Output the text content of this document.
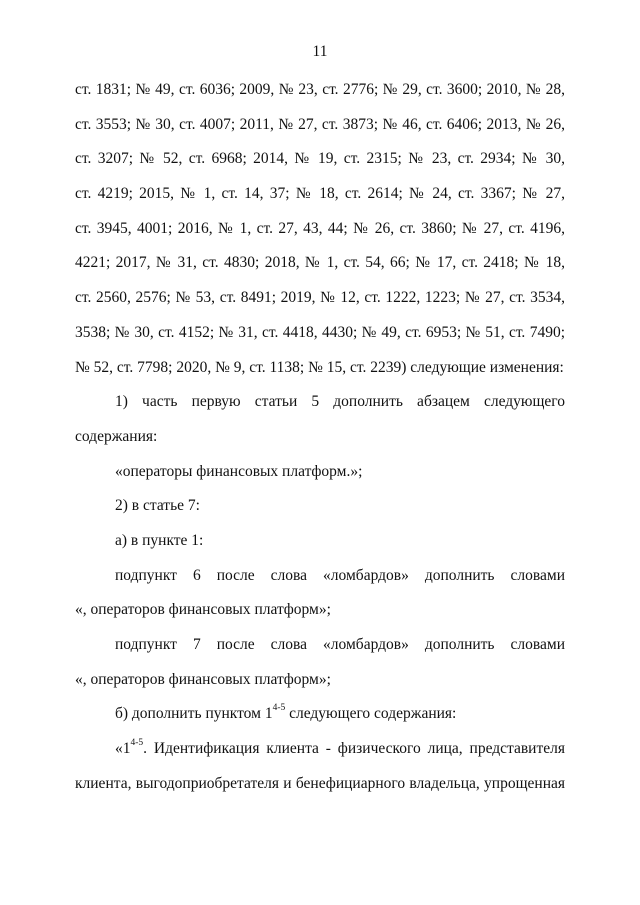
11
ст. 1831; № 49, ст. 6036; 2009, № 23, ст. 2776; № 29, ст. 3600; 2010, № 28,
ст. 3553; № 30, ст. 4007; 2011, № 27, ст. 3873; № 46, ст. 6406; 2013, № 26,
ст. 3207; № 52, ст. 6968; 2014, № 19, ст. 2315; № 23, ст. 2934; № 30,
ст. 4219; 2015, № 1, ст. 14, 37; № 18, ст. 2614; № 24, ст. 3367; № 27,
ст. 3945, 4001; 2016, № 1, ст. 27, 43, 44; № 26, ст. 3860; № 27, ст. 4196,
4221; 2017, № 31, ст. 4830; 2018, № 1, ст. 54, 66; № 17, ст. 2418; № 18,
ст. 2560, 2576; № 53, ст. 8491; 2019, № 12, ст. 1222, 1223; № 27, ст. 3534,
3538; № 30, ст. 4152; № 31, ст. 4418, 4430; № 49, ст. 6953; № 51, ст. 7490;
№ 52, ст. 7798; 2020, № 9, ст. 1138; № 15, ст. 2239) следующие изменения:
1) часть первую статьи 5 дополнить абзацем следующего
содержания:
«операторы финансовых платформ.»;
2) в статье 7:
а) в пункте 1:
подпункт 6 после слова «ломбардов» дополнить словами
«, операторов финансовых платформ»;
подпункт 7 после слова «ломбардов» дополнить словами
«, операторов финансовых платформ»;
б) дополнить пунктом 1$^{4-5}$ следующего содержания:
«1$^{4-5}$. Идентификация клиента - физического лица, представителя
клиента, выгодоприобретателя и бенефициарного владельца, упрощенная
